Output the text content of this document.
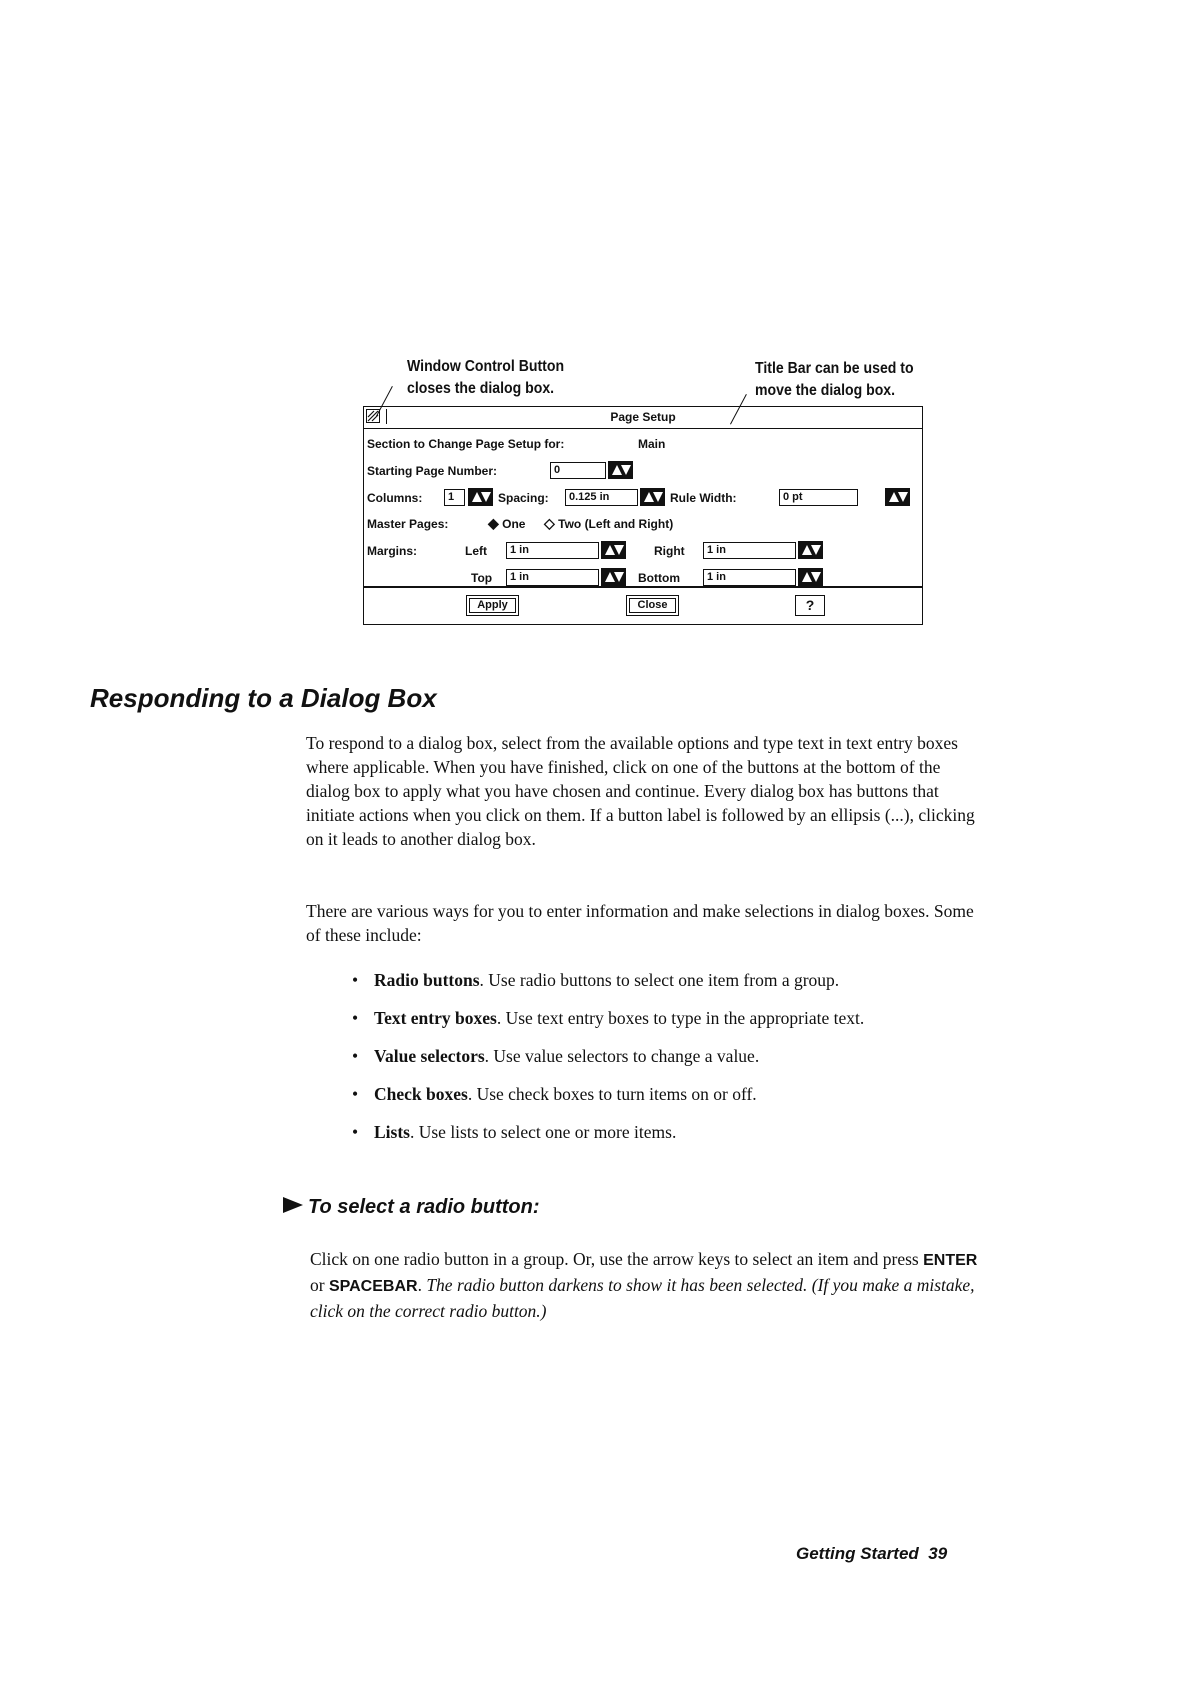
Window Control Button
closes the dialog box.
Title Bar can be used to
move the dialog box.
Page Setup
Section to Change Page Setup for:	Main
Starting Page Number:	0
Columns:	1	Spacing:	0.125 in	Rule Width:	0 pt
Master Pages:	◆ One ◇ Two (Left and Right)
Margins:	Left	1 in	Right	1 in
Top	1 in	Bottom	1 in
Apply	Close	?
Responding to a Dialog Box
To respond to a dialog box, select from the available options and type text in text entry boxes where applicable. When you have finished, click on one of the buttons at the bottom of the dialog box to apply what you have chosen and continue. Every dialog box has buttons that initiate actions when you click on them. If a button label is followed by an ellipsis (...), clicking on it leads to another dialog box.
There are various ways for you to enter information and make selections in dialog boxes. Some of these include:
• Radio buttons. Use radio buttons to select one item from a group.
• Text entry boxes. Use text entry boxes to type in the appropriate text.
• Value selectors. Use value selectors to change a value.
• Check boxes. Use check boxes to turn items on or off.
• Lists. Use lists to select one or more items.
To select a radio button:
Click on one radio button in a group. Or, use the arrow keys to select an item and press ENTER or SPACEBAR. The radio button darkens to show it has been selected. (If you make a mistake, click on the correct radio button.)
Getting Started 39
